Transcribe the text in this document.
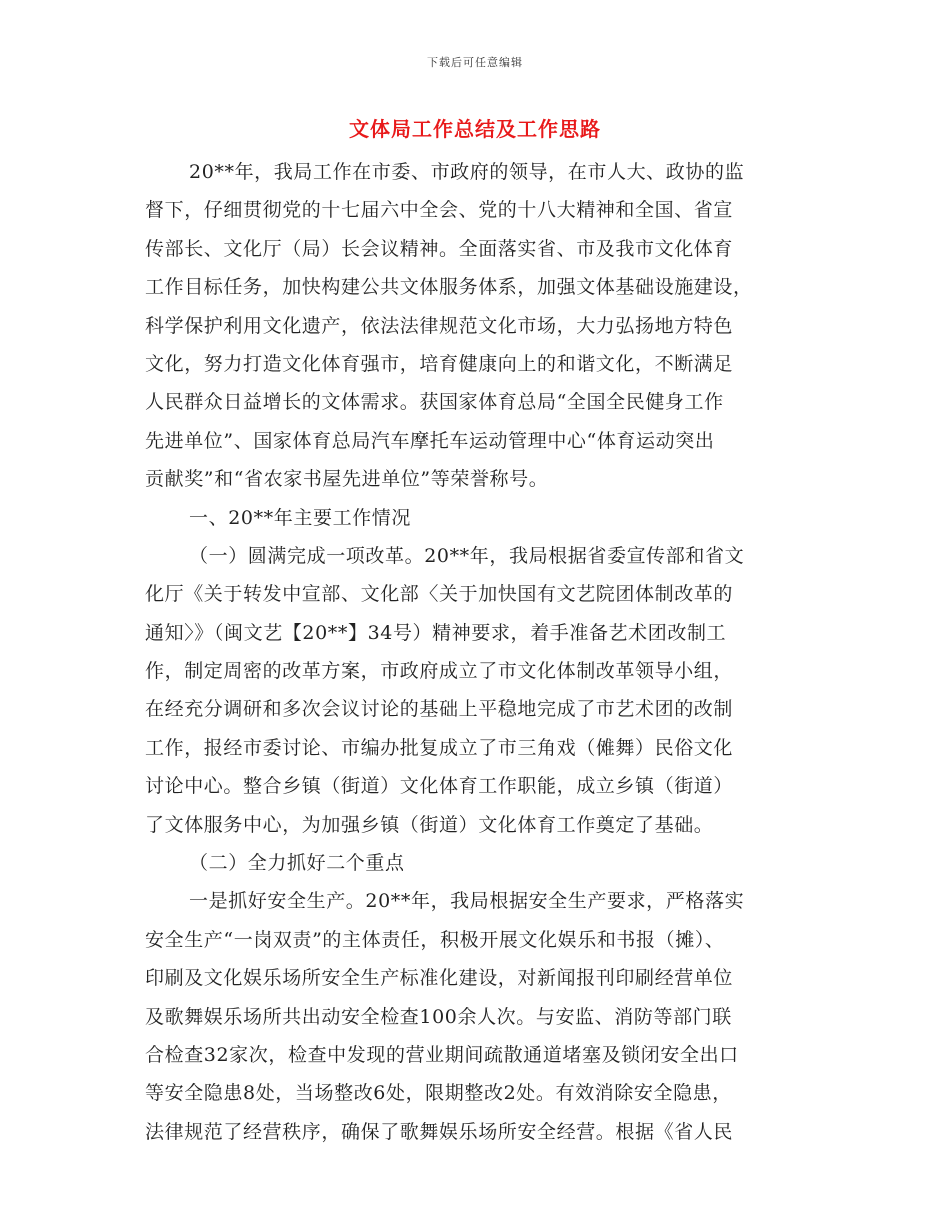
下载后可任意编辑
文体局工作总结及工作思路
20**年，我局工作在市委、市政府的领导，在市人大、政协的监
督下，仔细贯彻党的十七届六中全会、党的十八大精神和全国、省宣
传部长、文化厅（局）长会议精神。全面落实省、市及我市文化体育
工作目标任务，加快构建公共文体服务体系，加强文体基础设施建设，
科学保护利用文化遗产，依法法律规范文化市场，大力弘扬地方特色
文化，努力打造文化体育强市，培育健康向上的和谐文化，不断满足
人民群众日益增长的文体需求。获国家体育总局“全国全民健身工作
先进单位”、国家体育总局汽车摩托车运动管理中心“体育运动突出
贡献奖”和“省农家书屋先进单位”等荣誉称号。
一、20**年主要工作情况
（一）圆满完成一项改革。20**年，我局根据省委宣传部和省文
化厅《关于转发中宣部、文化部〈关于加快国有文艺院团体制改革的
通知〉》（闽文艺【20**】34号）精神要求，着手准备艺术团改制工
作，制定周密的改革方案，市政府成立了市文化体制改革领导小组，
在经充分调研和多次会议讨论的基础上平稳地完成了市艺术团的改制
工作，报经市委讨论、市编办批复成立了市三角戏（傩舞）民俗文化
讨论中心。整合乡镇（街道）文化体育工作职能，成立乡镇（街道）
了文体服务中心，为加强乡镇（街道）文化体育工作奠定了基础。
（二）全力抓好二个重点
一是抓好安全生产。20**年，我局根据安全生产要求，严格落实
安全生产“一岗双责”的主体责任，积极开展文化娱乐和书报（摊）、
印刷及文化娱乐场所安全生产标准化建设，对新闻报刊印刷经营单位
及歌舞娱乐场所共出动安全检查100余人次。与安监、消防等部门联
合检查32家次，检查中发现的营业期间疏散通道堵塞及锁闭安全出口
等安全隐患8处，当场整改6处，限期整改2处。有效消除安全隐患，
法律规范了经营秩序，确保了歌舞娱乐场所安全经营。根据《省人民
